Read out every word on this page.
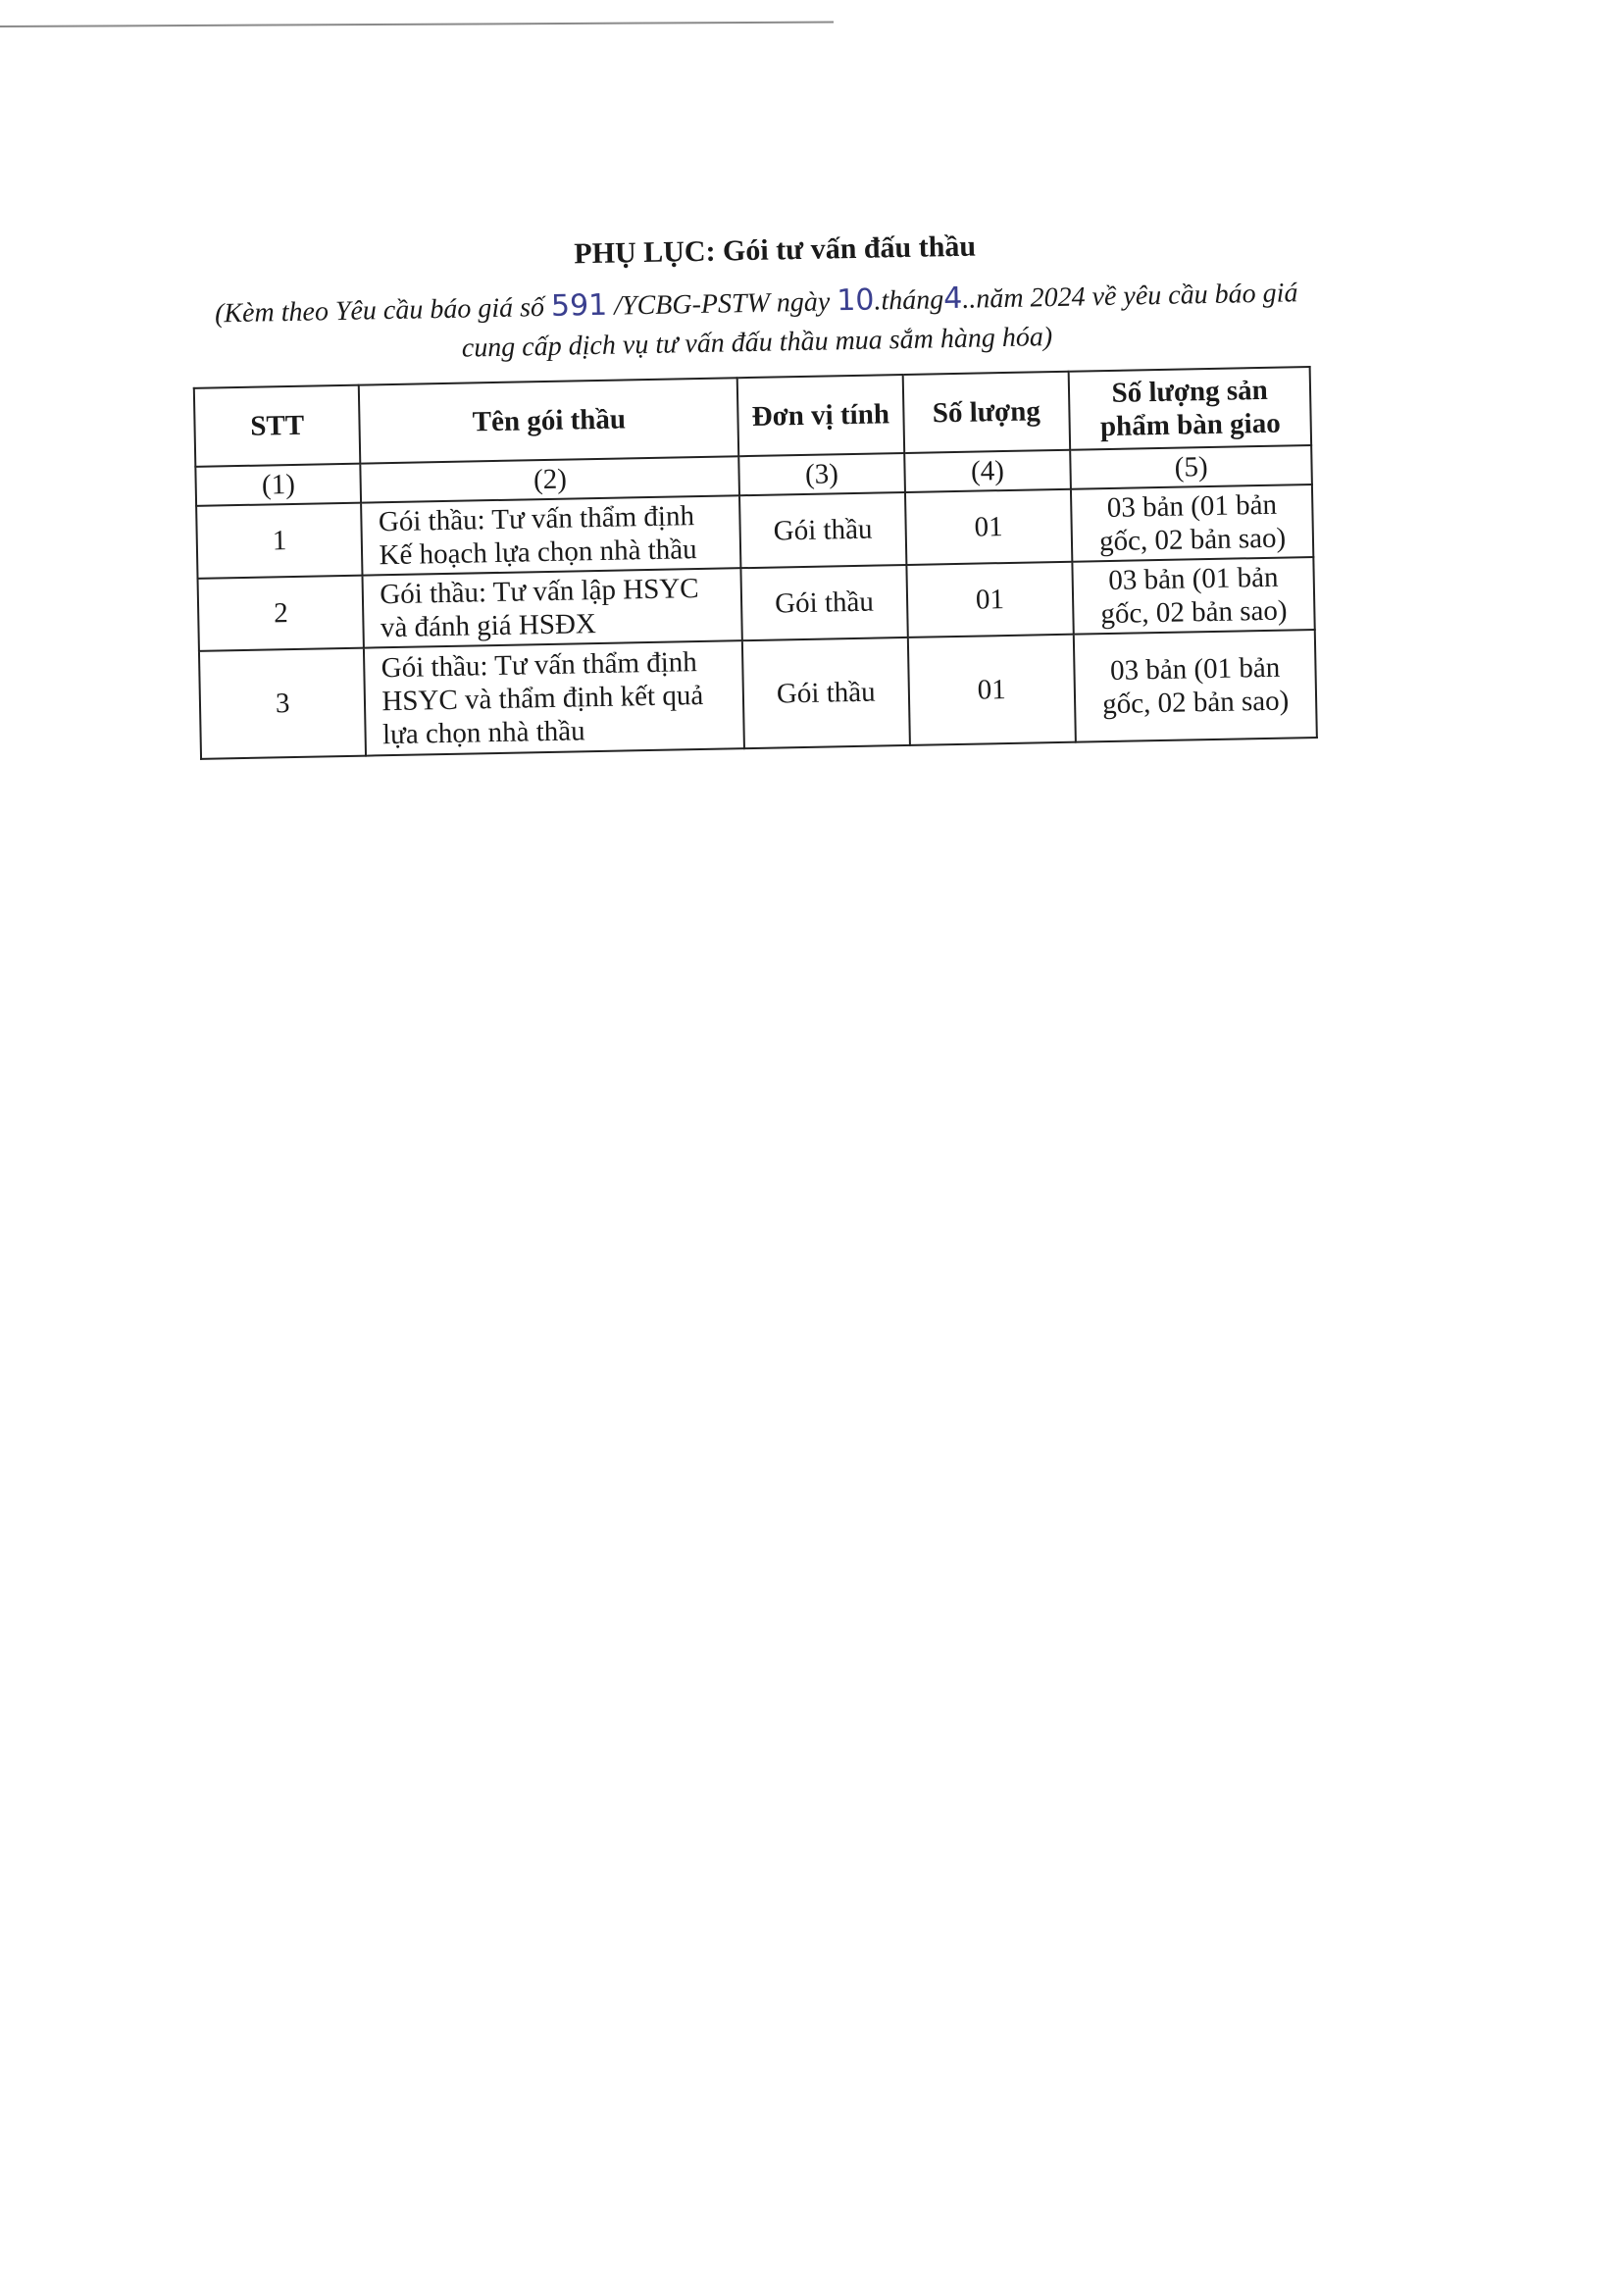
PHỤ LỤC: Gói tư vấn đấu thầu
(Kèm theo Yêu cầu báo giá số 591 /YCBG-PSTW ngày 10.tháng4..năm 2024 về yêu cầu báo giá
cung cấp dịch vụ tư vấn đấu thầu mua sắm hàng hóa)
STT	Tên gói thầu	Đơn vị tính	Số lượng	Số lượng sản phẩm bàn giao
(1)	(2)	(3)	(4)	(5)
1	Gói thầu: Tư vấn thẩm định Kế hoạch lựa chọn nhà thầu	Gói thầu	01	03 bản (01 bản gốc, 02 bản sao)
2	Gói thầu: Tư vấn lập HSYC và đánh giá HSĐX	Gói thầu	01	03 bản (01 bản gốc, 02 bản sao)
3	Gói thầu: Tư vấn thẩm định HSYC và thẩm định kết quả lựa chọn nhà thầu	Gói thầu	01	03 bản (01 bản gốc, 02 bản sao)
